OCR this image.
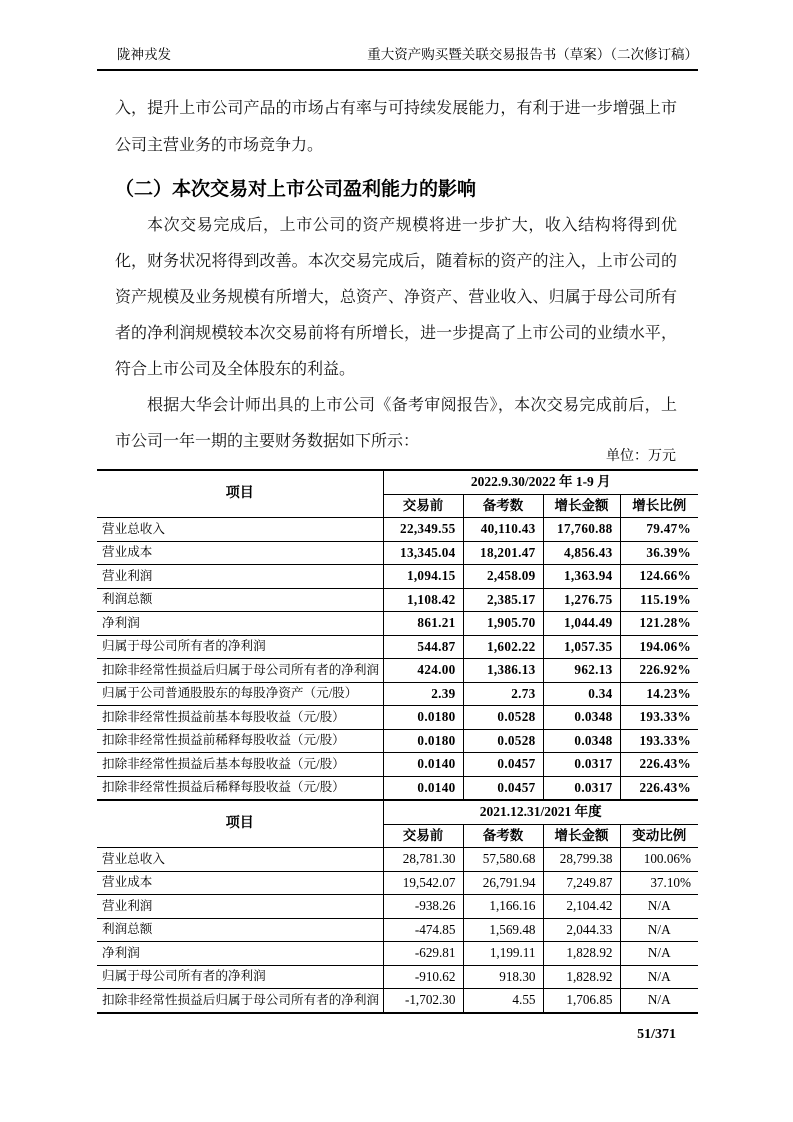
陇神戎发	重大资产购买暨关联交易报告书（草案）（二次修订稿）

入，提升上市公司产品的市场占有率与可持续发展能力，有利于进一步增强上市公司主营业务的市场竞争力。

（二）本次交易对上市公司盈利能力的影响

本次交易完成后，上市公司的资产规模将进一步扩大，收入结构将得到优化，财务状况将得到改善。本次交易完成后，随着标的资产的注入，上市公司的资产规模及业务规模有所增大，总资产、净资产、营业收入、归属于母公司所有者的净利润规模较本次交易前将有所增长，进一步提高了上市公司的业绩水平，符合上市公司及全体股东的利益。

根据大华会计师出具的上市公司《备考审阅报告》，本次交易完成前后，上市公司一年一期的主要财务数据如下所示：

单位：万元
项目	2022.9.30/2022 年 1-9 月			
	交易前	备考数	增长金额	增长比例
营业总收入	22,349.55	40,110.43	17,760.88	79.47%
营业成本	13,345.04	18,201.47	4,856.43	36.39%
营业利润	1,094.15	2,458.09	1,363.94	124.66%
利润总额	1,108.42	2,385.17	1,276.75	115.19%
净利润	861.21	1,905.70	1,044.49	121.28%
归属于母公司所有者的净利润	544.87	1,602.22	1,057.35	194.06%
扣除非经常性损益后归属于母公司所有者的净利润	424.00	1,386.13	962.13	226.92%
归属于公司普通股股东的每股净资产（元/股）	2.39	2.73	0.34	14.23%
扣除非经常性损益前基本每股收益（元/股）	0.0180	0.0528	0.0348	193.33%
扣除非经常性损益前稀释每股收益（元/股）	0.0180	0.0528	0.0348	193.33%
扣除非经常性损益后基本每股收益（元/股）	0.0140	0.0457	0.0317	226.43%
扣除非经常性损益后稀释每股收益（元/股）	0.0140	0.0457	0.0317	226.43%
项目	2021.12.31/2021 年度			
	交易前	备考数	增长金额	变动比例
营业总收入	28,781.30	57,580.68	28,799.38	100.06%
营业成本	19,542.07	26,791.94	7,249.87	37.10%
营业利润	-938.26	1,166.16	2,104.42	N/A
利润总额	-474.85	1,569.48	2,044.33	N/A
净利润	-629.81	1,199.11	1,828.92	N/A
归属于母公司所有者的净利润	-910.62	918.30	1,828.92	N/A
扣除非经常性损益后归属于母公司所有者的净利润	-1,702.30	4.55	1,706.85	N/A
51/371
